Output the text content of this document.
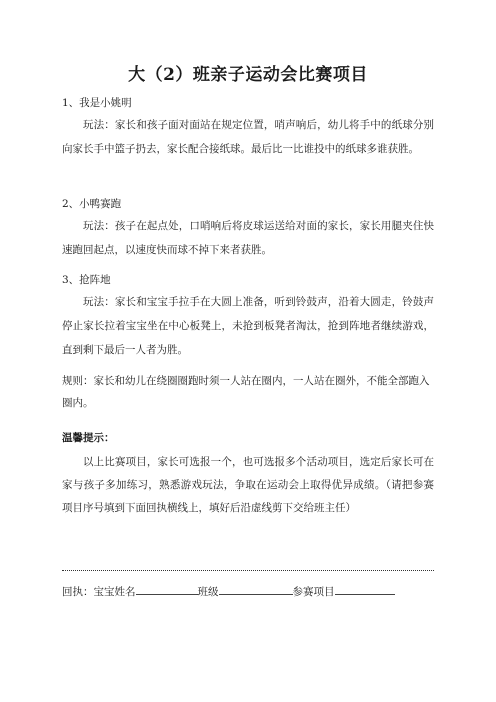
大（2）班亲子运动会比赛项目
1、我是小姚明

玩法：家长和孩子面对面站在规定位置，哨声响后，幼儿将手中的纸球分别向家长手中篮子扔去，家长配合接纸球。最后比一比谁投中的纸球多谁获胜。

2、小鸭赛跑

玩法：孩子在起点处，口哨响后将皮球运送给对面的家长，家长用腿夹住快速跑回起点，以速度快而球不掉下来者获胜。

3、抢阵地

玩法：家长和宝宝手拉手在大圆上准备，听到铃鼓声，沿着大圆走，铃鼓声停止家长拉着宝宝坐在中心板凳上，未抢到板凳者淘汰，抢到阵地者继续游戏，直到剩下最后一人者为胜。

规则：家长和幼儿在绕圈圈跑时须一人站在圈内，一人站在圈外，不能全部跑入圈内。

温馨提示：

以上比赛项目，家长可选报一个，也可选报多个活动项目，选定后家长可在家与孩子多加练习，熟悉游戏玩法，争取在运动会上取得优异成绩。（请把参赛项目序号填到下面回执横线上，填好后沿虚线剪下交给班主任）

回执：宝宝姓名	班级	参赛项目
